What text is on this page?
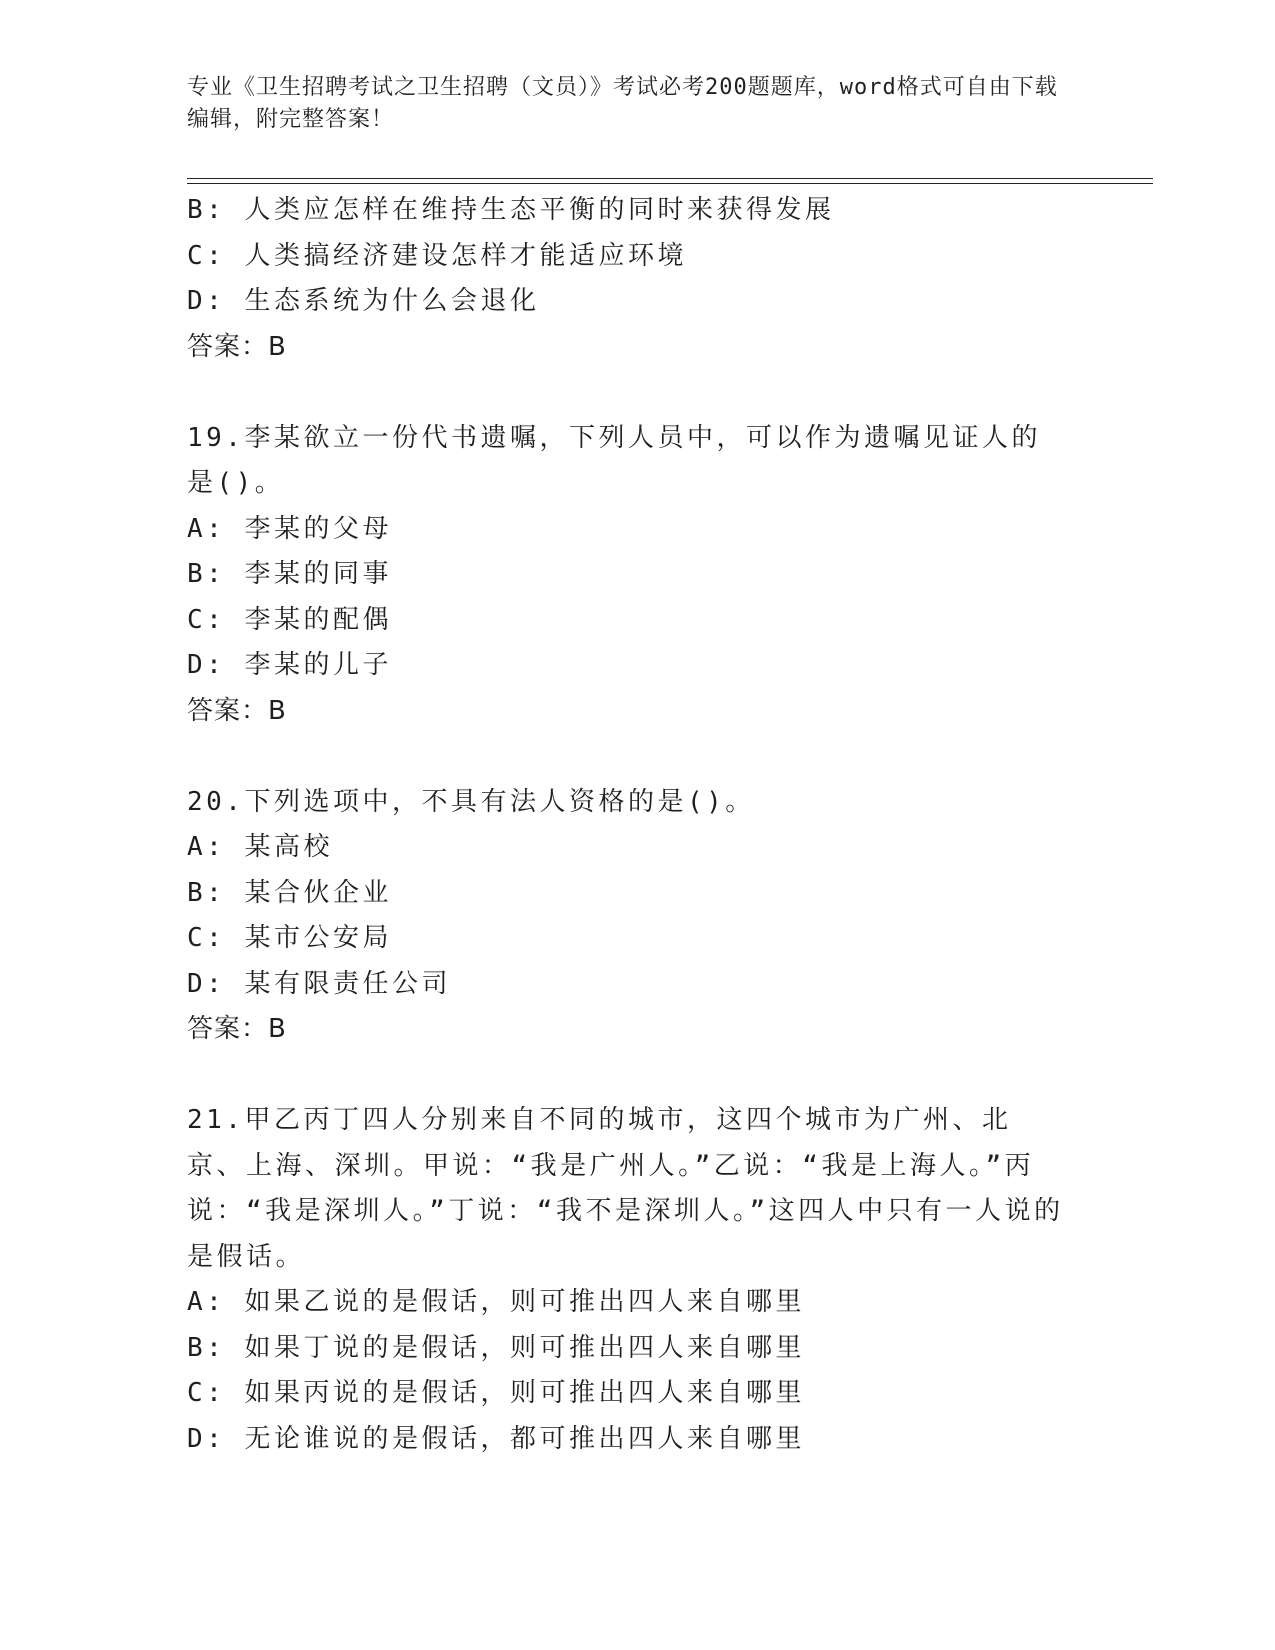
专业《卫生招聘考试之卫生招聘（文员）》考试必考200题题库，word格式可自由下载编辑，附完整答案！
B: 人类应怎样在维持生态平衡的同时来获得发展
C: 人类搞经济建设怎样才能适应环境
D: 生态系统为什么会退化
答案：B
19.李某欲立一份代书遗嘱，下列人员中，可以作为遗嘱见证人的是()。
A: 李某的父母
B: 李某的同事
C: 李某的配偶
D: 李某的儿子
答案：B
20.下列选项中，不具有法人资格的是()。
A: 某高校
B: 某合伙企业
C: 某市公安局
D: 某有限责任公司
答案：B
21.甲乙丙丁四人分别来自不同的城市，这四个城市为广州、北京、上海、深圳。甲说：“我是广州人。”乙说：“我是上海人。”丙说：“我是深圳人。”丁说：“我不是深圳人。”这四人中只有一人说的是假话。
A: 如果乙说的是假话，则可推出四人来自哪里
B: 如果丁说的是假话，则可推出四人来自哪里
C: 如果丙说的是假话，则可推出四人来自哪里
D: 无论谁说的是假话，都可推出四人来自哪里
